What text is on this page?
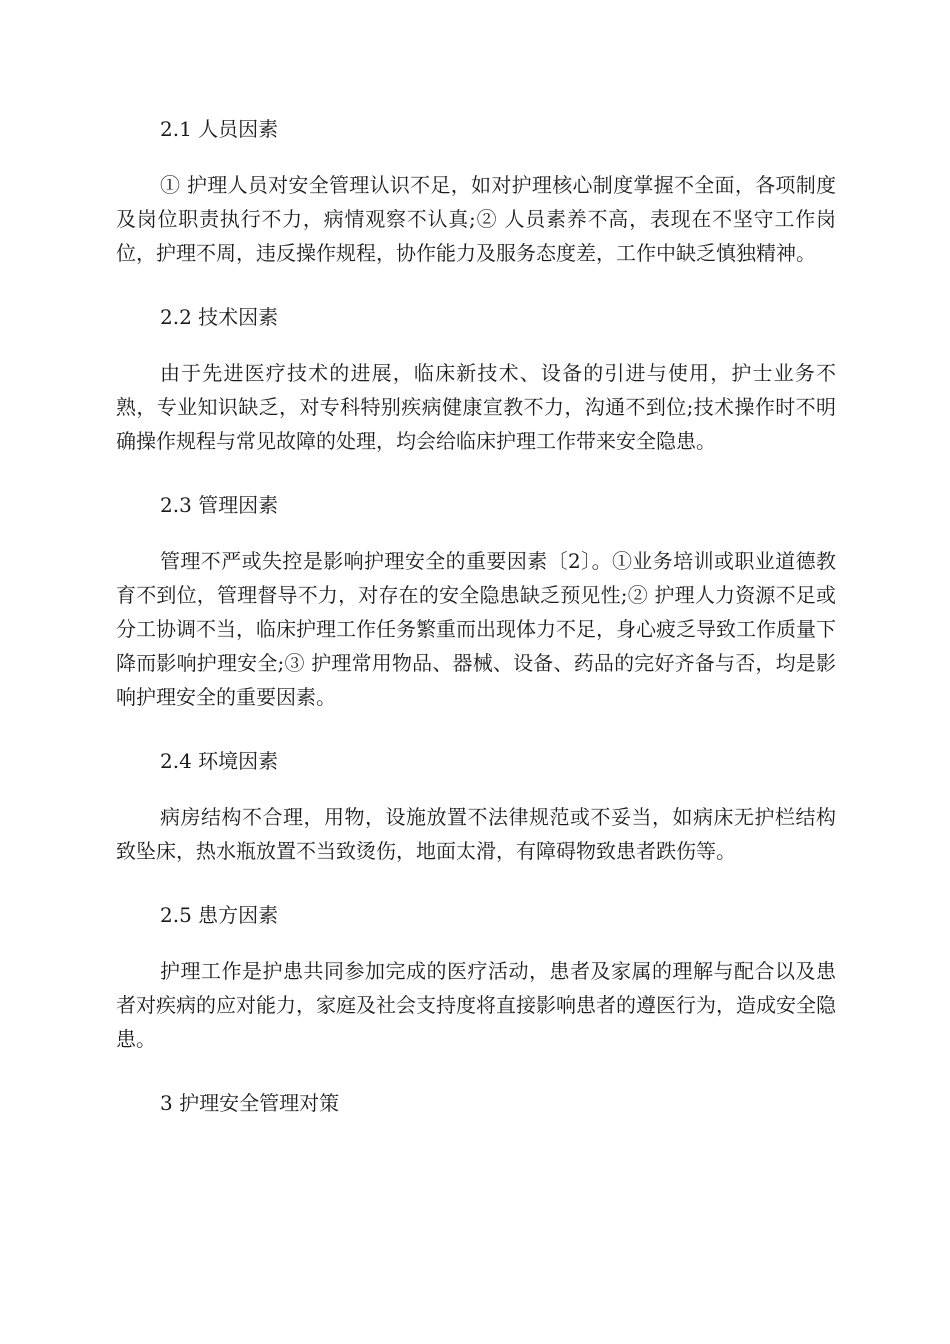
2.1 人员因素

① 护理人员对安全管理认识不足，如对护理核心制度掌握不全面，各项制度及岗位职责执行不力，病情观察不认真;② 人员素养不高，表现在不坚守工作岗位，护理不周，违反操作规程，协作能力及服务态度差，工作中缺乏慎独精神。

2.2 技术因素

由于先进医疗技术的进展，临床新技术、设备的引进与使用，护士业务不熟，专业知识缺乏，对专科特别疾病健康宣教不力，沟通不到位;技术操作时不明确操作规程与常见故障的处理，均会给临床护理工作带来安全隐患。

2.3 管理因素

管理不严或失控是影响护理安全的重要因素〔2〕。①业务培训或职业道德教育不到位，管理督导不力，对存在的安全隐患缺乏预见性;② 护理人力资源不足或分工协调不当，临床护理工作任务繁重而出现体力不足，身心疲乏导致工作质量下降而影响护理安全;③ 护理常用物品、器械、设备、药品的完好齐备与否，均是影响护理安全的重要因素。

2.4 环境因素

病房结构不合理，用物，设施放置不法律规范或不妥当，如病床无护栏结构致坠床，热水瓶放置不当致烫伤，地面太滑，有障碍物致患者跌伤等。

2.5 患方因素

护理工作是护患共同参加完成的医疗活动，患者及家属的理解与配合以及患者对疾病的应对能力，家庭及社会支持度将直接影响患者的遵医行为，造成安全隐患。

3 护理安全管理对策
